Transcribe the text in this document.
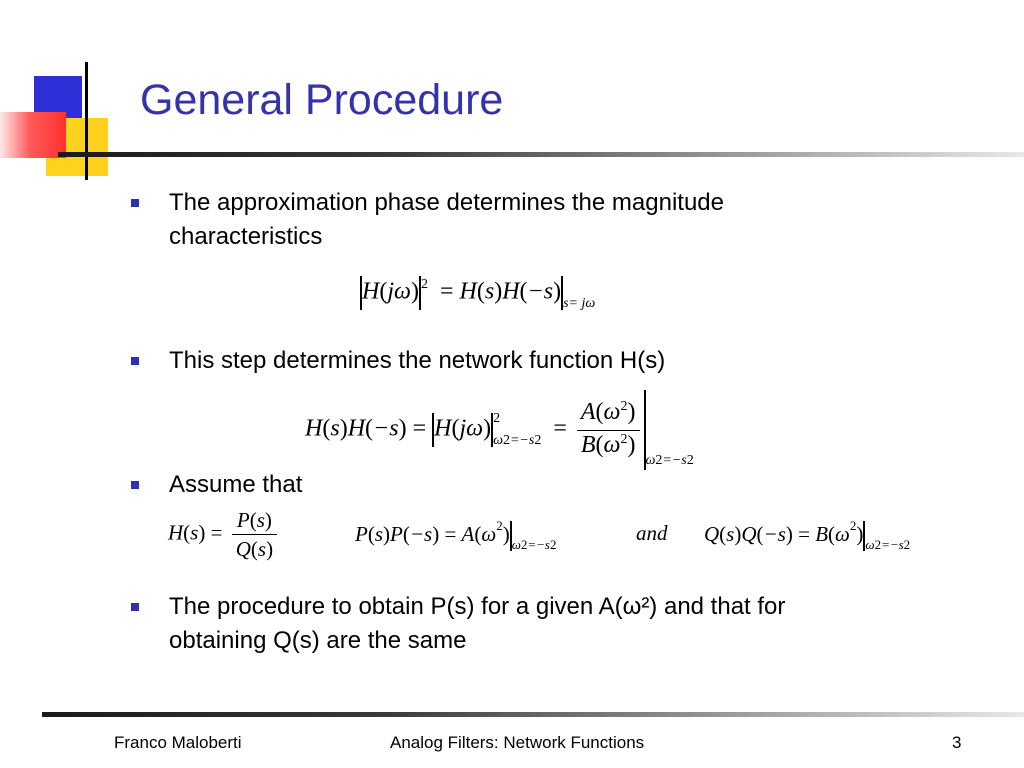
General Procedure
The approximation phase determines the magnitude
characteristics
H(jω) $^2$  = H(s)H(−s) $_{s= j\omega}$
This step determines the network function H(s)
H(s)H(−s) = H(jω) 2
$\omega 2=-s2 = \frac{A(\omega^2)}{B(\omega^2)} _{\omega 2=-s2}$
Assume that
$H(s) = \frac{P(s)}{Q(s)}$	$P(s)P(-s) = A(\omega^2)$ $_{\omega 2=-s2}$	and $Q(s)Q(-s) = B(\omega^2)$ $_{\omega 2=-s2}$
The procedure to obtain P(s) for a given A(ω²) and that for
obtaining Q(s) are the same
Franco Maloberti	Analog Filters: Network Functions	3
